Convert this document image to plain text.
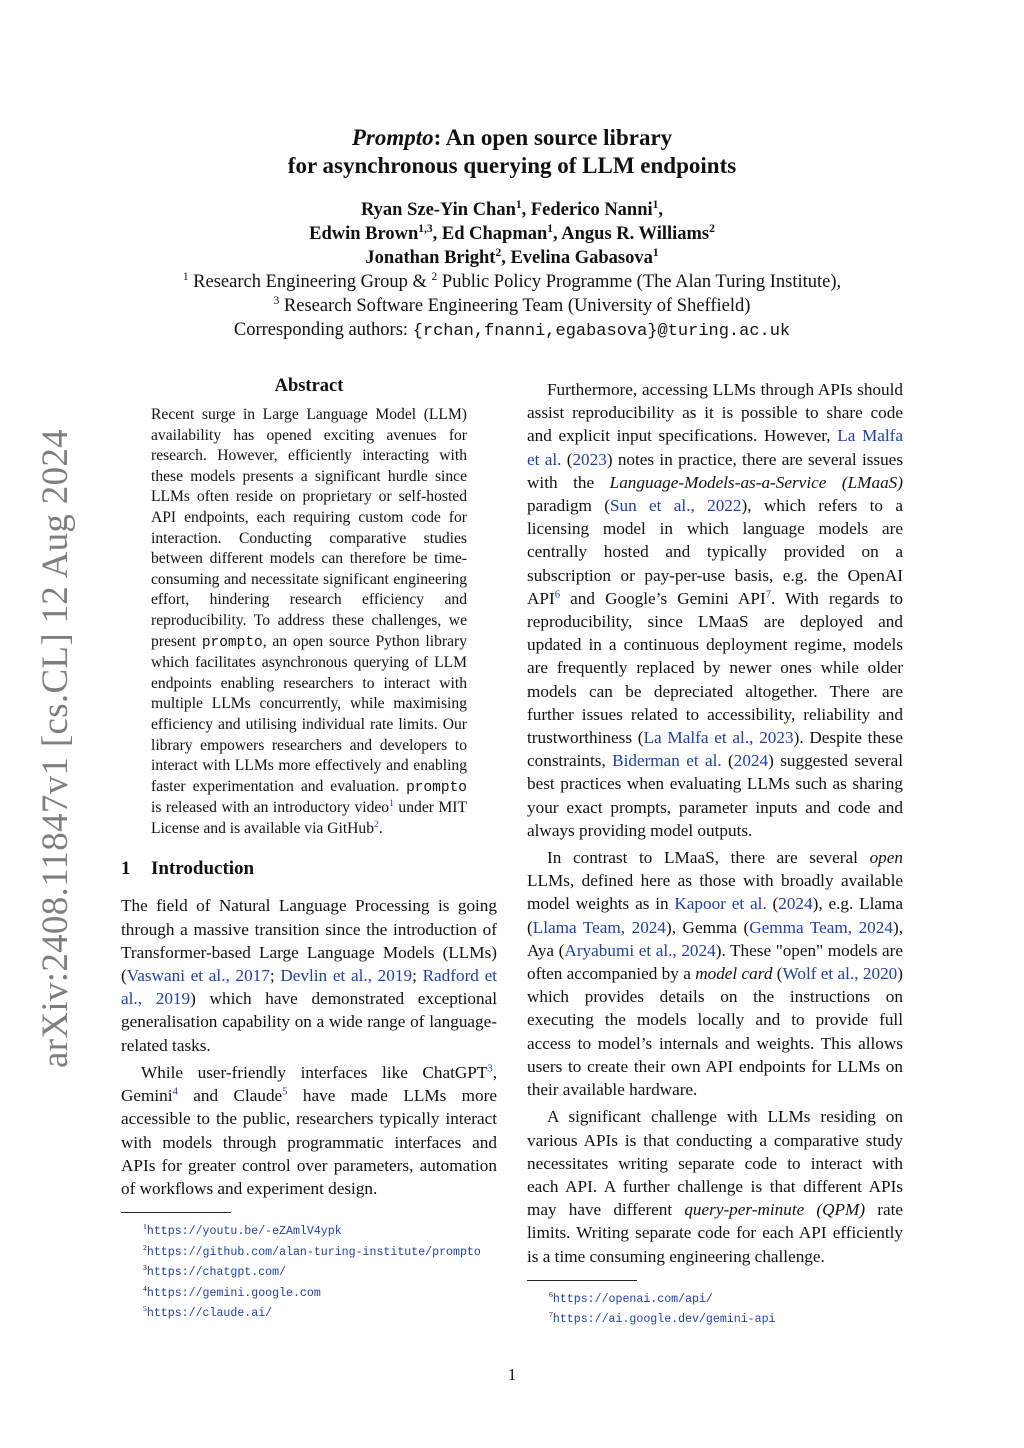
arXiv:2408.11847v1 [cs.CL] 12 Aug 2024
Prompto: An open source library
for asynchronous querying of LLM endpoints
Ryan Sze-Yin Chan$^1$, Federico Nanni$^1$,
Edwin Brown$^{1,3}$, Ed Chapman$^1$, Angus R. Williams$^2$
Jonathan Bright$^2$, Evelina Gabasova$^1$
$^1$ Research Engineering Group & $^2$ Public Policy Programme (The Alan Turing Institute),
$^3$ Research Software Engineering Team (University of Sheffield)
Corresponding authors: {rchan,fnanni,egabasova}@turing.ac.uk
Abstract
Recent surge in Large Language Model (LLM) availability has opened exciting avenues for research. However, efficiently interacting with these models presents a significant hurdle since LLMs often reside on proprietary or self-hosted API endpoints, each requiring custom code for interaction. Conducting comparative studies between different models can therefore be time-consuming and necessitate significant engineering effort, hindering research efficiency and reproducibility. To address these challenges, we present prompto, an open source Python library which facilitates asynchronous querying of LLM endpoints enabling researchers to interact with multiple LLMs concurrently, while maximising efficiency and utilising individual rate limits. Our library empowers researchers and developers to interact with LLMs more effectively and enabling faster experimentation and evaluation. prompto is released with an introductory video$^1$ under MIT License and is available via GitHub$^2$.
1 Introduction

The field of Natural Language Processing is going through a massive transition since the introduction of Transformer-based Large Language Models (LLMs) (Vaswani et al., 2017; Devlin et al., 2019; Radford et al., 2019) which have demonstrated exceptional generalisation capability on a wide range of language-related tasks.

While user-friendly interfaces like ChatGPT$^3$, Gemini$^4$ and Claude$^5$ have made LLMs more accessible to the public, researchers typically interact with models through programmatic interfaces and APIs for greater control over parameters, automation of workflows and experiment design.

$^1$https://youtu.be/-eZAmlV4ypk
$^2$https://github.com/alan-turing-institute/prompto
$^3$https://chatgpt.com/
$^4$https://gemini.google.com
$^5$https://claude.ai/

Furthermore, accessing LLMs through APIs should assist reproducibility as it is possible to share code and explicit input specifications. However, La Malfa et al. (2023) notes in practice, there are several issues with the Language-Models-as-a-Service (LMaaS) paradigm (Sun et al., 2022), which refers to a licensing model in which language models are centrally hosted and typically provided on a subscription or pay-per-use basis, e.g. the OpenAI API$^6$ and Google’s Gemini API$^7$. With regards to reproducibility, since LMaaS are deployed and updated in a continuous deployment regime, models are frequently replaced by newer ones while older models can be depreciated altogether. There are further issues related to accessibility, reliability and trustworthiness (La Malfa et al., 2023). Despite these constraints, Biderman et al. (2024) suggested several best practices when evaluating LLMs such as sharing your exact prompts, parameter inputs and code and always providing model outputs.

In contrast to LMaaS, there are several open LLMs, defined here as those with broadly available model weights as in Kapoor et al. (2024), e.g. Llama (Llama Team, 2024), Gemma (Gemma Team, 2024), Aya (Aryabumi et al., 2024). These "open" models are often accompanied by a model card (Wolf et al., 2020) which provides details on the instructions on executing the models locally and to provide full access to model’s internals and weights. This allows users to create their own API endpoints for LLMs on their available hardware.

A significant challenge with LLMs residing on various APIs is that conducting a comparative study necessitates writing separate code to interact with each API. A further challenge is that different APIs may have different query-per-minute (QPM) rate limits. Writing separate code for each API efficiently is a time consuming engineering challenge.

$^6$https://openai.com/api/
$^7$https://ai.google.dev/gemini-api
1
